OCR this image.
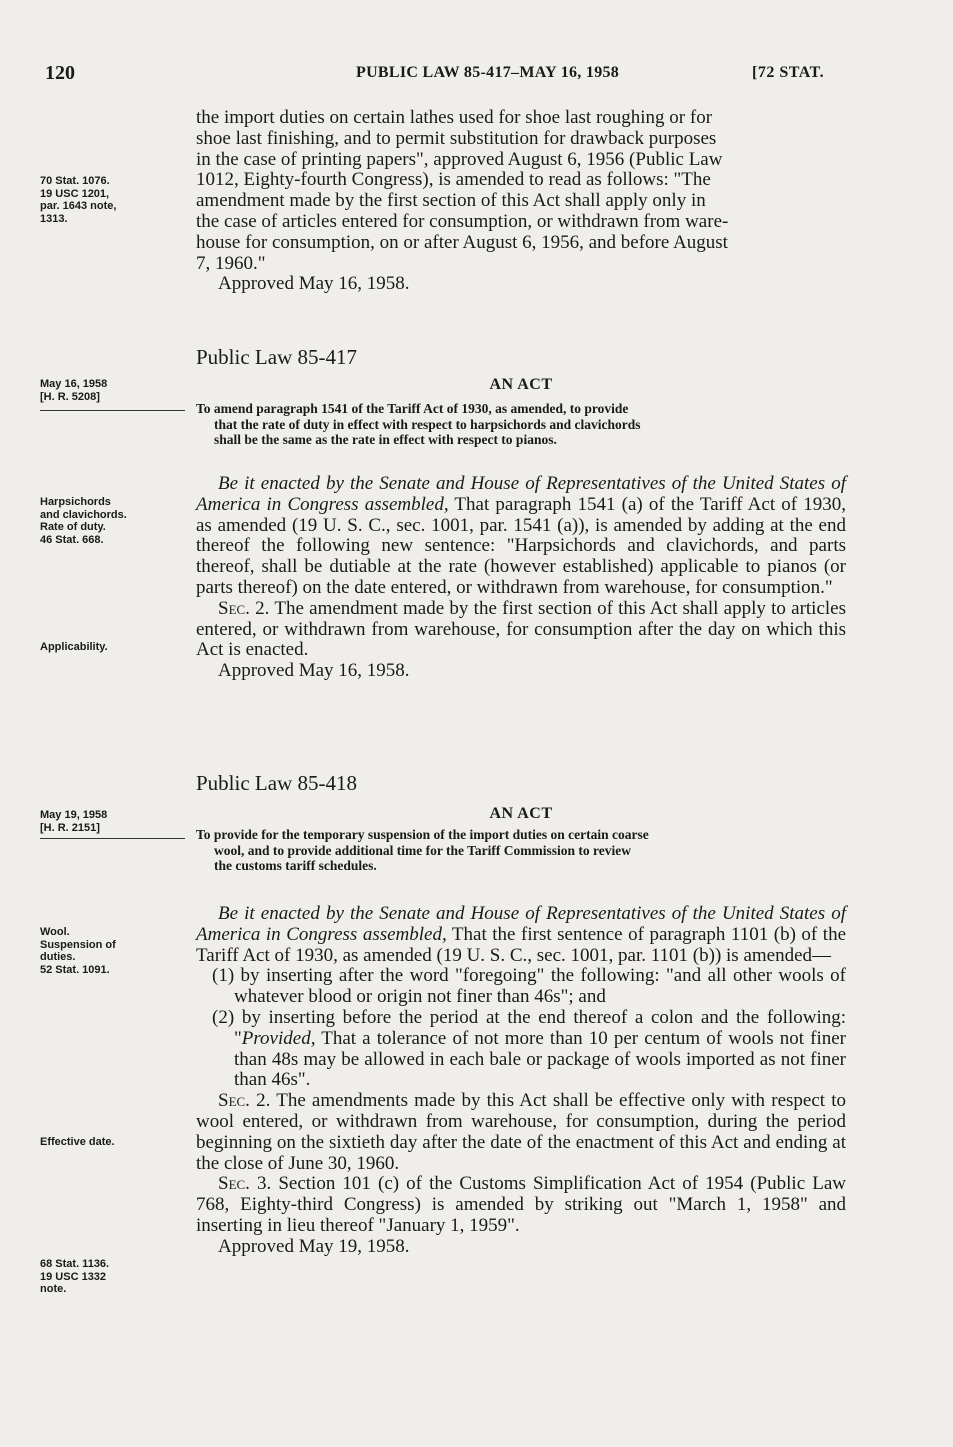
120	PUBLIC LAW 85-417–MAY 16, 1958	[72 STAT.
the import duties on certain lathes used for shoe last roughing or for
shoe last finishing, and to permit substitution for drawback purposes
in the case of printing papers", approved August 6, 1956 (Public Law
1012, Eighty-fourth Congress), is amended to read as follows: "The
amendment made by the first section of this Act shall apply only in
the case of articles entered for consumption, or withdrawn from ware-
house for consumption, on or after August 6, 1956, and before August
7, 1960."
Approved May 16, 1958.
70 Stat. 1076.
19 USC 1201,
par. 1643 note,
1313.
Public Law 85-417
May 16, 1958
[H. R. 5208]
AN ACT
To amend paragraph 1541 of the Tariff Act of 1930, as amended, to provide
that the rate of duty in effect with respect to harpsichords and clavichords
shall be the same as the rate in effect with respect to pianos.

Be it enacted by the Senate and House of Representatives of the United States of America in Congress assembled, That paragraph 1541 (a) of the Tariff Act of 1930, as amended (19 U. S. C., sec. 1001, par. 1541 (a)), is amended by adding at the end thereof the following new sentence: "Harpsichords and clavichords, and parts thereof, shall be dutiable at the rate (however established) applicable to pianos (or parts thereof) on the date entered, or withdrawn from warehouse, for consumption."

Sec. 2. The amendment made by the first section of this Act shall apply to articles entered, or withdrawn from warehouse, for consumption after the day on which this Act is enacted.

Approved May 16, 1958.
Harpsichords
and clavichords.
Rate of duty.
46 Stat. 668.
Applicability.
Public Law 85-418
May 19, 1958
[H. R. 2151]
AN ACT
To provide for the temporary suspension of the import duties on certain coarse
wool, and to provide additional time for the Tariff Commission to review
the customs tariff schedules.

Be it enacted by the Senate and House of Representatives of the United States of America in Congress assembled, That the first sentence of paragraph 1101 (b) of the Tariff Act of 1930, as amended (19 U. S. C., sec. 1001, par. 1101 (b)) is amended—

(1) by inserting after the word "foregoing" the following: "and all other wools of whatever blood or origin not finer than 46s"; and

(2) by inserting before the period at the end thereof a colon and the following: "Provided, That a tolerance of not more than 10 per centum of wools not finer than 48s may be allowed in each bale or package of wools imported as not finer than 46s".

Sec. 2. The amendments made by this Act shall be effective only with respect to wool entered, or withdrawn from warehouse, for consumption, during the period beginning on the sixtieth day after the date of the enactment of this Act and ending at the close of June 30, 1960.

Sec. 3. Section 101 (c) of the Customs Simplification Act of 1954 (Public Law 768, Eighty-third Congress) is amended by striking out "March 1, 1958" and inserting in lieu thereof "January 1, 1959".

Approved May 19, 1958.
Wool.
Suspension of
duties.
52 Stat. 1091.
Effective date.
68 Stat. 1136.
19 USC 1332
note.
